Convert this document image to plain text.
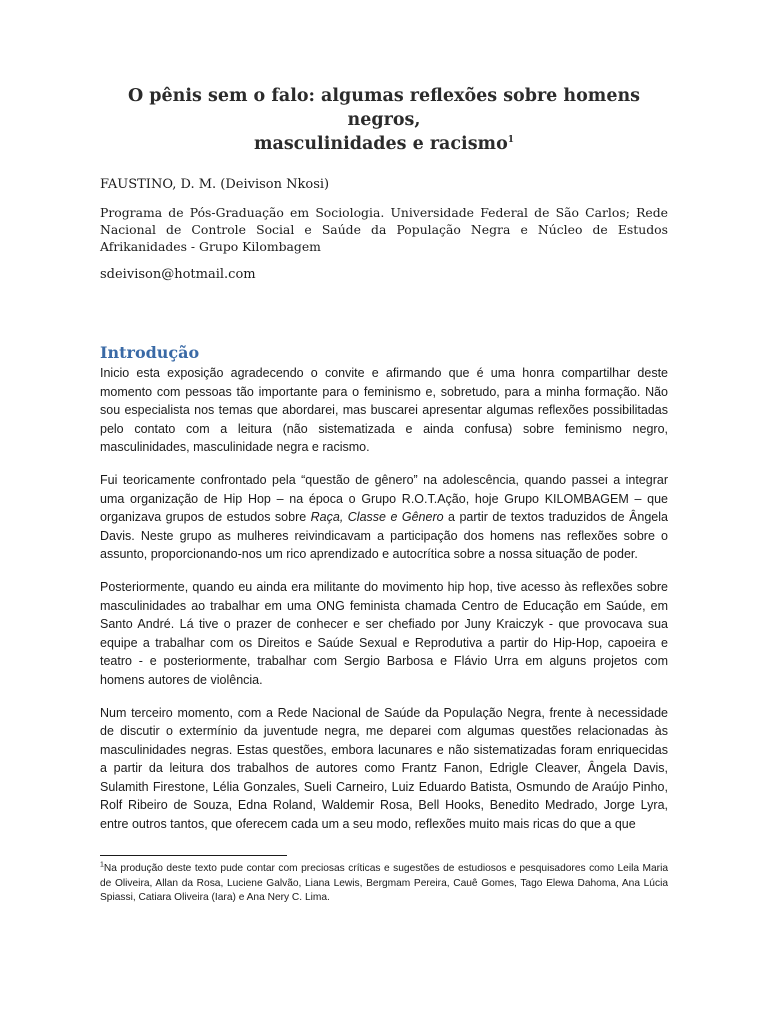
O pênis sem o falo: algumas reflexões sobre homens negros,
masculinidades e racismo$^1$

FAUSTINO, D. M. (Deivison Nkosi)

Programa de Pós-Graduação em Sociologia. Universidade Federal de São Carlos; Rede Nacional de Controle Social e Saúde da População Negra e Núcleo de Estudos Afrikanidades - Grupo Kilombagem

sdeivison@hotmail.com

Introdução

Inicio esta exposição agradecendo o convite e afirmando que é uma honra compartilhar deste momento com pessoas tão importante para o feminismo e, sobretudo, para a minha formação. Não sou especialista nos temas que abordarei, mas buscarei apresentar algumas reflexões possibilitadas pelo contato com a leitura (não sistematizada e ainda confusa) sobre feminismo negro, masculinidades, masculinidade negra e racismo.

Fui teoricamente confrontado pela “questão de gênero” na adolescência, quando passei a integrar uma organização de Hip Hop – na época o Grupo R.O.T.Ação, hoje Grupo KILOMBAGEM – que organizava grupos de estudos sobre Raça, Classe e Gênero a partir de textos traduzidos de Ângela Davis. Neste grupo as mulheres reivindicavam a participação dos homens nas reflexões sobre o assunto, proporcionando-nos um rico aprendizado e autocrítica sobre a nossa situação de poder.

Posteriormente, quando eu ainda era militante do movimento hip hop, tive acesso às reflexões sobre masculinidades ao trabalhar em uma ONG feminista chamada Centro de Educação em Saúde, em Santo André. Lá tive o prazer de conhecer e ser chefiado por Juny Kraiczyk - que provocava sua equipe a trabalhar com os Direitos e Saúde Sexual e Reprodutiva a partir do Hip-Hop, capoeira e teatro - e posteriormente, trabalhar com Sergio Barbosa e Flávio Urra em alguns projetos com homens autores de violência.

Num terceiro momento, com a Rede Nacional de Saúde da População Negra, frente à necessidade de discutir o extermínio da juventude negra, me deparei com algumas questões relacionadas às masculinidades negras. Estas questões, embora lacunares e não sistematizadas foram enriquecidas a partir da leitura dos trabalhos de autores como Frantz Fanon, Edrigle Cleaver, Ângela Davis, Sulamith Firestone, Lélia Gonzales, Sueli Carneiro, Luiz Eduardo Batista, Osmundo de Araújo Pinho, Rolf Ribeiro de Souza, Edna Roland, Waldemir Rosa, Bell Hooks, Benedito Medrado, Jorge Lyra, entre outros tantos, que oferecem cada um a seu modo, reflexões muito mais ricas do que a que

$^1$Na produção deste texto pude contar com preciosas críticas e sugestões de estudiosos e pesquisadores como Leila Maria de Oliveira, Allan da Rosa, Luciene Galvão, Liana Lewis, Bergmam Pereira, Cauê Gomes, Tago Elewa Dahoma, Ana Lúcia Spiassi, Catiara Oliveira (Iara) e Ana Nery C. Lima.
